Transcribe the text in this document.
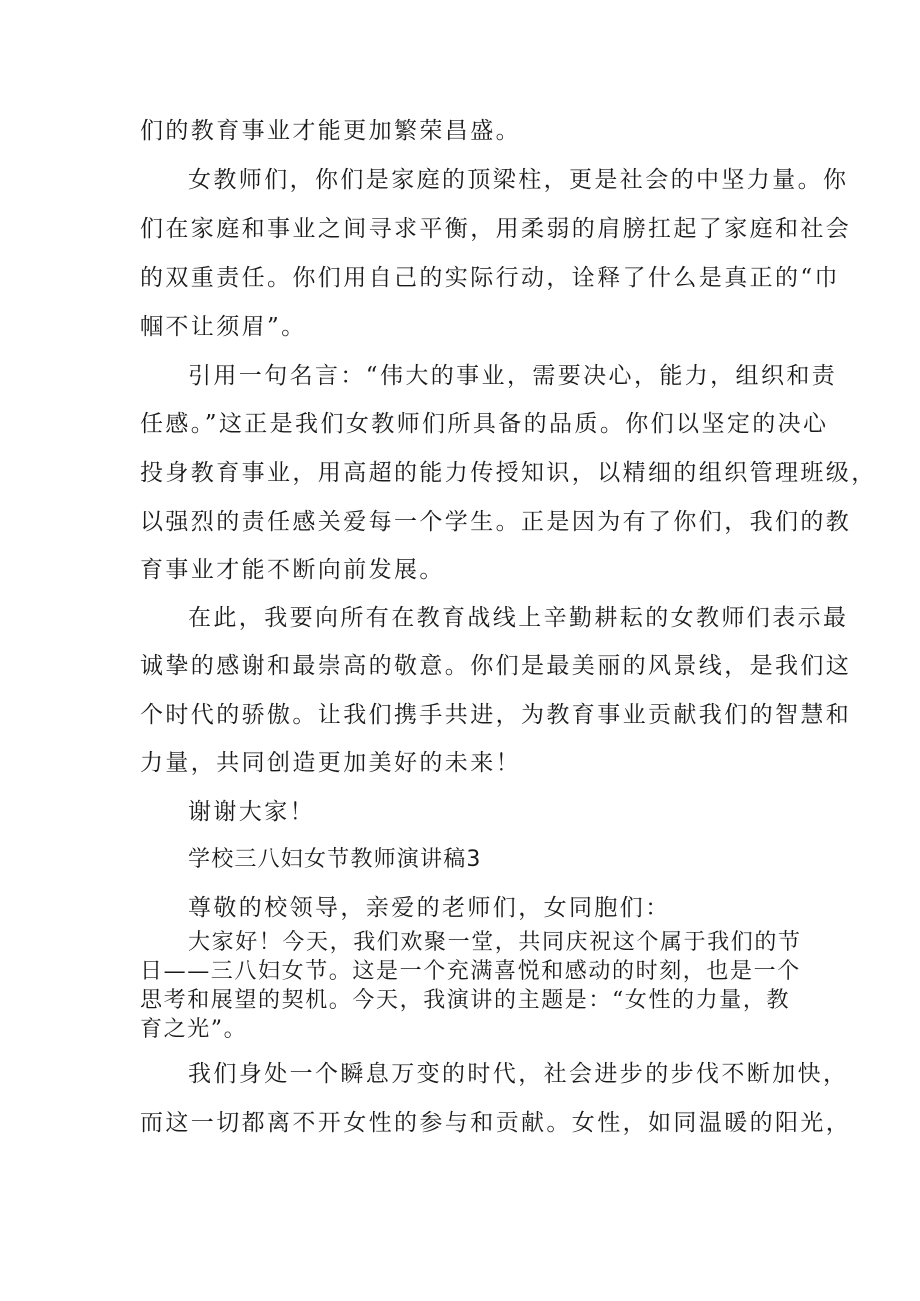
们的教育事业才能更加繁荣昌盛。
女教师们，你们是家庭的顶梁柱，更是社会的中坚力量。你
们在家庭和事业之间寻求平衡，用柔弱的肩膀扛起了家庭和社会
的双重责任。你们用自己的实际行动，诠释了什么是真正的“巾
帼不让须眉”。
引用一句名言：“伟大的事业，需要决心，能力，组织和责
任感。”这正是我们女教师们所具备的品质。你们以坚定的决心
投身教育事业，用高超的能力传授知识，以精细的组织管理班级，
以强烈的责任感关爱每一个学生。正是因为有了你们，我们的教
育事业才能不断向前发展。
在此，我要向所有在教育战线上辛勤耕耘的女教师们表示最
诚挚的感谢和最崇高的敬意。你们是最美丽的风景线，是我们这
个时代的骄傲。让我们携手共进，为教育事业贡献我们的智慧和
力量，共同创造更加美好的未来！
谢谢大家！
学校三八妇女节教师演讲稿3
尊敬的校领导，亲爱的老师们，女同胞们：
大家好！今天，我们欢聚一堂，共同庆祝这个属于我们的节
日——三八妇女节。这是一个充满喜悦和感动的时刻，也是一个
思考和展望的契机。今天，我演讲的主题是：“女性的力量，教
育之光”。
我们身处一个瞬息万变的时代，社会进步的步伐不断加快，
而这一切都离不开女性的参与和贡献。女性，如同温暖的阳光，
